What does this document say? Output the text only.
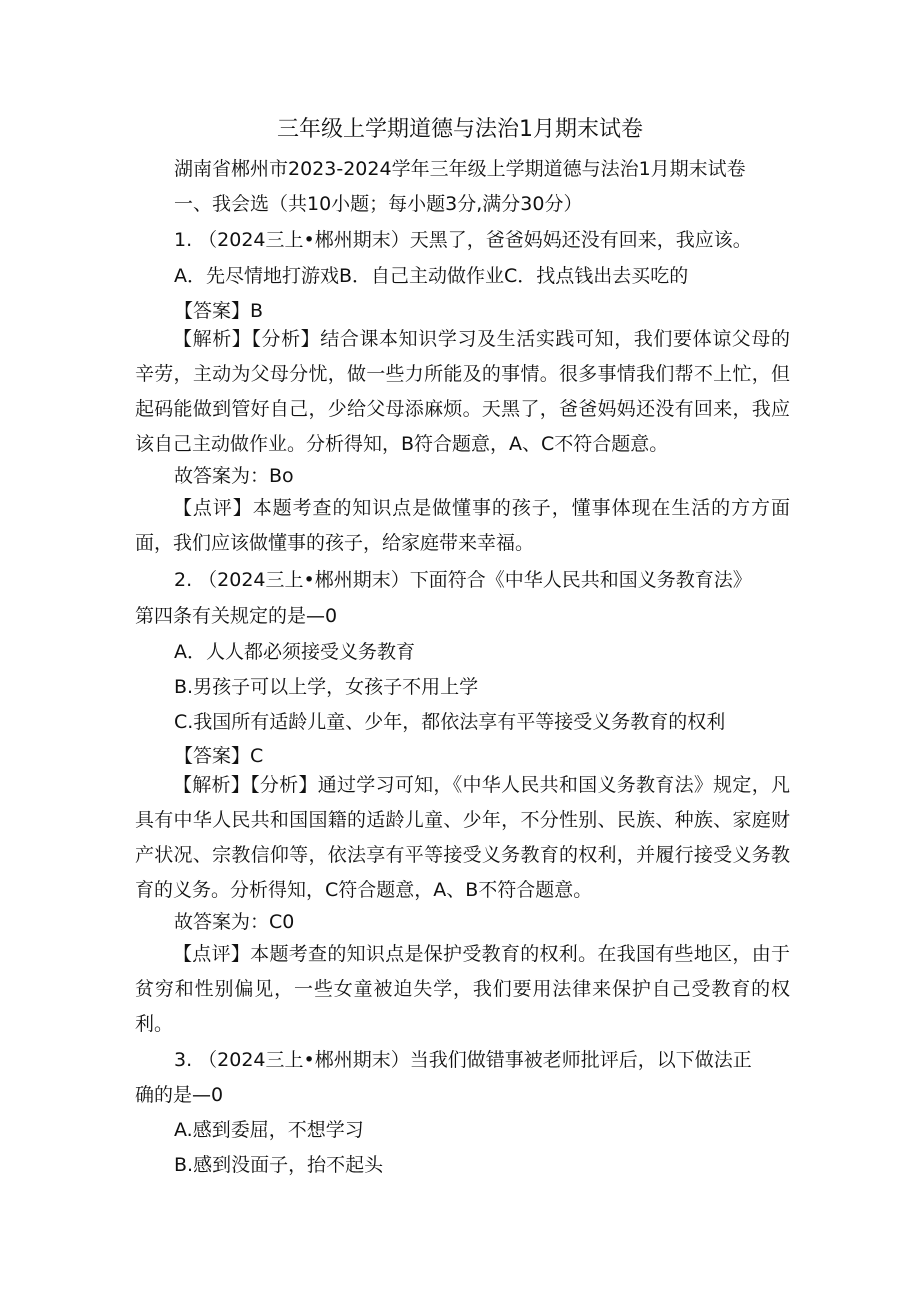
三年级上学期道德与法治1月期末试卷
湖南省郴州市2023-2024学年三年级上学期道德与法治1月期末试卷
一、我会选（共10小题；每小题3分,满分30分）
1. （2024三上•郴州期末）天黑了，爸爸妈妈还没有回来，我应该。
A．先尽情地打游戏B．自己主动做作业C．找点钱出去买吃的
【答案】B
【解析】【分析】结合课本知识学习及生活实践可知，我们要体谅父母的辛劳，主动为父母分忧，做一些力所能及的事情。很多事情我们帮不上忙，但起码能做到管好自己，少给父母添麻烦。天黑了，爸爸妈妈还没有回来，我应该自己主动做作业。分析得知，B符合题意，A、C不符合题意。
故答案为：Bo
【点评】本题考查的知识点是做懂事的孩子，懂事体现在生活的方方面面，我们应该做懂事的孩子，给家庭带来幸福。
2. （2024三上•郴州期末）下面符合《中华人民共和国义务教育法》
第四条有关规定的是—0
A．人人都必须接受义务教育
B.男孩子可以上学，女孩子不用上学
C.我国所有适龄儿童、少年，都依法享有平等接受义务教育的权利
【答案】C
【解析】【分析】通过学习可知，《中华人民共和国义务教育法》规定，凡具有中华人民共和国国籍的适龄儿童、少年，不分性别、民族、种族、家庭财产状况、宗教信仰等，依法享有平等接受义务教育的权利，并履行接受义务教育的义务。分析得知，C符合题意，A、B不符合题意。
故答案为：C0
【点评】本题考查的知识点是保护受教育的权利。在我国有些地区，由于贫穷和性别偏见，一些女童被迫失学，我们要用法律来保护自己受教育的权利。
3. （2024三上•郴州期末）当我们做错事被老师批评后，以下做法正
确的是—0
A.感到委屈，不想学习
B.感到没面子，抬不起头
